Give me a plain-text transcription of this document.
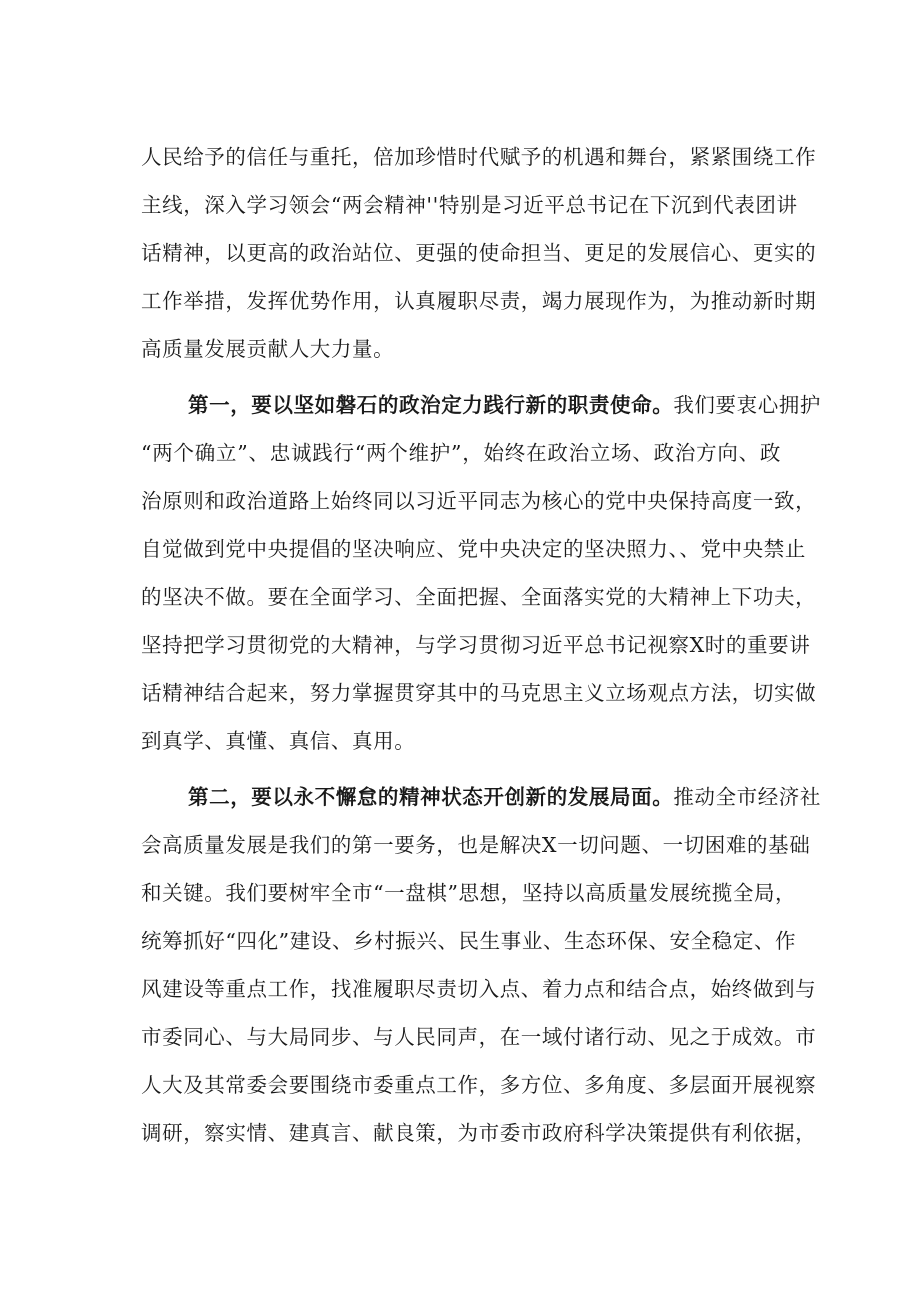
人民给予的信任与重托，倍加珍惜时代赋予的机遇和舞台，紧紧围绕工作
主线，深入学习领会“两会精神''特别是习近平总书记在下沉到代表团讲
话精神，以更高的政治站位、更强的使命担当、更足的发展信心、更实的
工作举措，发挥优势作用，认真履职尽责，竭力展现作为，为推动新时期
高质量发展贡献人大力量。
第一，要以坚如磐石的政治定力践行新的职责使命。我们要衷心拥护
“两个确立”、忠诚践行“两个维护”，始终在政治立场、政治方向、政
治原则和政治道路上始终同以习近平同志为核心的党中央保持高度一致，
自觉做到党中央提倡的坚决响应、党中央决定的坚决照力、、党中央禁止
的坚决不做。要在全面学习、全面把握、全面落实党的大精神上下功夫，
坚持把学习贯彻党的大精神，与学习贯彻习近平总书记视察X时的重要讲
话精神结合起来，努力掌握贯穿其中的马克思主义立场观点方法，切实做
到真学、真懂、真信、真用。
第二，要以永不懈怠的精神状态开创新的发展局面。推动全市经济社
会高质量发展是我们的第一要务，也是解决X一切问题、一切困难的基础
和关键。我们要树牢全市“一盘棋”思想，坚持以高质量发展统揽全局，
统筹抓好“四化”建设、乡村振兴、民生事业、生态环保、安全稳定、作
风建设等重点工作，找准履职尽责切入点、着力点和结合点，始终做到与
市委同心、与大局同步、与人民同声，在一域付诸行动、见之于成效。市
人大及其常委会要围绕市委重点工作，多方位、多角度、多层面开展视察
调研，察实情、建真言、献良策，为市委市政府科学决策提供有利依据，
